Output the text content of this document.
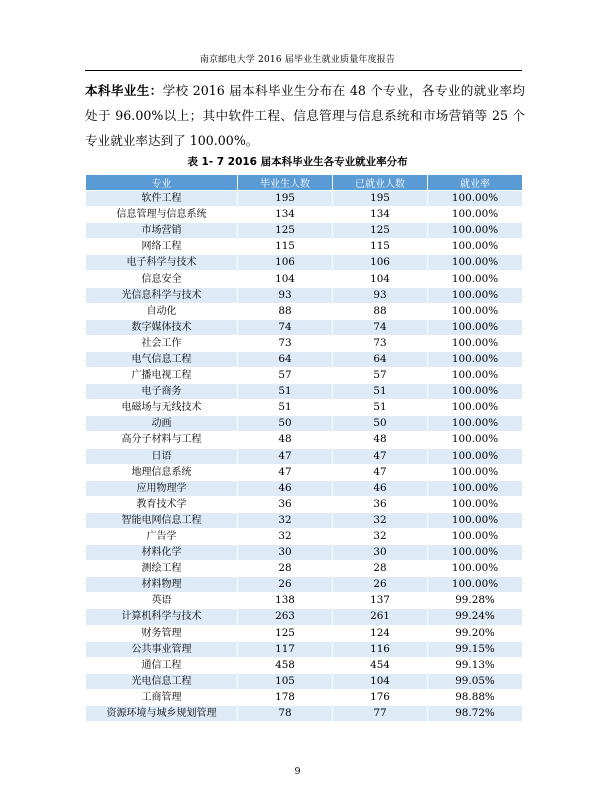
南京邮电大学 2016 届毕业生就业质量年度报告
本科毕业生：学校 2016 届本科毕业生分布在 48 个专业，各专业的就业率均处于 96.00%以上；其中软件工程、信息管理与信息系统和市场营销等 25 个专业就业率达到了 100.00%。
表 1- 7 2016 届本科毕业生各专业就业率分布
专业	毕业生人数	已就业人数	就业率
软件工程	195	195	100.00%
信息管理与信息系统	134	134	100.00%
市场营销	125	125	100.00%
网络工程	115	115	100.00%
电子科学与技术	106	106	100.00%
信息安全	104	104	100.00%
光信息科学与技术	93	93	100.00%
自动化	88	88	100.00%
数字媒体技术	74	74	100.00%
社会工作	73	73	100.00%
电气信息工程	64	64	100.00%
广播电视工程	57	57	100.00%
电子商务	51	51	100.00%
电磁场与无线技术	51	51	100.00%
动画	50	50	100.00%
高分子材料与工程	48	48	100.00%
日语	47	47	100.00%
地理信息系统	47	47	100.00%
应用物理学	46	46	100.00%
教育技术学	36	36	100.00%
智能电网信息工程	32	32	100.00%
广告学	32	32	100.00%
材料化学	30	30	100.00%
测绘工程	28	28	100.00%
材料物理	26	26	100.00%
英语	138	137	99.28%
计算机科学与技术	263	261	99.24%
财务管理	125	124	99.20%
公共事业管理	117	116	99.15%
通信工程	458	454	99.13%
光电信息工程	105	104	99.05%
工商管理	178	176	98.88%
资源环境与城乡规划管理	78	77	98.72%
9
